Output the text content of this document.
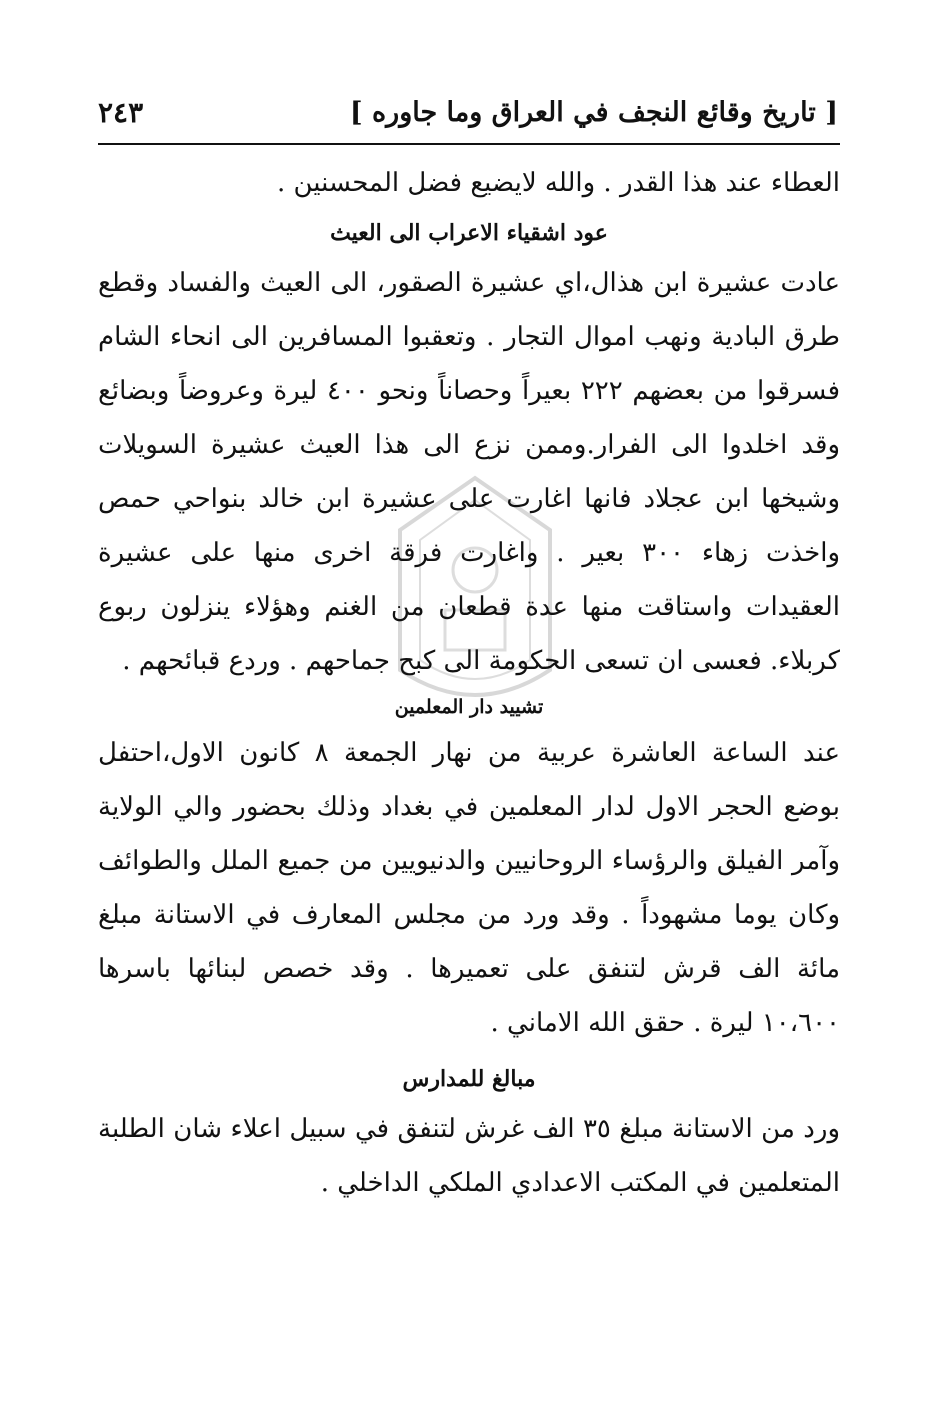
[ تاريخ وقائع النجف في العراق وما جاوره ]
٢٤٣

العطاء عند هذا القدر . والله لايضيع فضل المحسنين .

عود اشقياء الاعراب الى العيث

عادت عشيرة ابن هذال،اي عشيرة الصقور، الى العيث والفساد وقطع طرق البادية ونهب اموال التجار . وتعقبوا المسافرين الى انحاء الشام فسرقوا من بعضهم ٢٢٢ بعيراً وحصاناً ونحو ٤٠٠ ليرة وعروضاً وبضائع وقد اخلدوا الى الفرار.وممن نزع الى هذا العيث عشيرة السويلات وشيخها ابن عجلاد فانها اغارت على عشيرة ابن خالد بنواحي حمص واخذت زهاء ٣٠٠ بعير . واغارت فرقة اخرى منها على عشيرة العقيدات واستاقت منها عدة قطعان من الغنم وهؤلاء ينزلون ربوع كربلاء. فعسى ان تسعى الحكومة الى كبح جماحهم . وردع قبائحهم .

تشييد دار المعلمين

عند الساعة العاشرة عربية من نهار الجمعة ٨ كانون الاول،احتفل بوضع الحجر الاول لدار المعلمين في بغداد وذلك بحضور والي الولاية وآمر الفيلق والرؤساء الروحانيين والدنيويين من جميع الملل والطوائف وكان يوما مشهوداً . وقد ورد من مجلس المعارف في الاستانة مبلغ مائة الف قرش لتنفق على تعميرها . وقد خصص لبنائها باسرها ١٠،٦٠٠ ليرة . حقق الله الاماني .

مبالغ للمدارس

ورد من الاستانة مبلغ ٣٥ الف غرش لتنفق في سبيل اعلاء شان الطلبة المتعلمين في المكتب الاعدادي الملكي الداخلي .
